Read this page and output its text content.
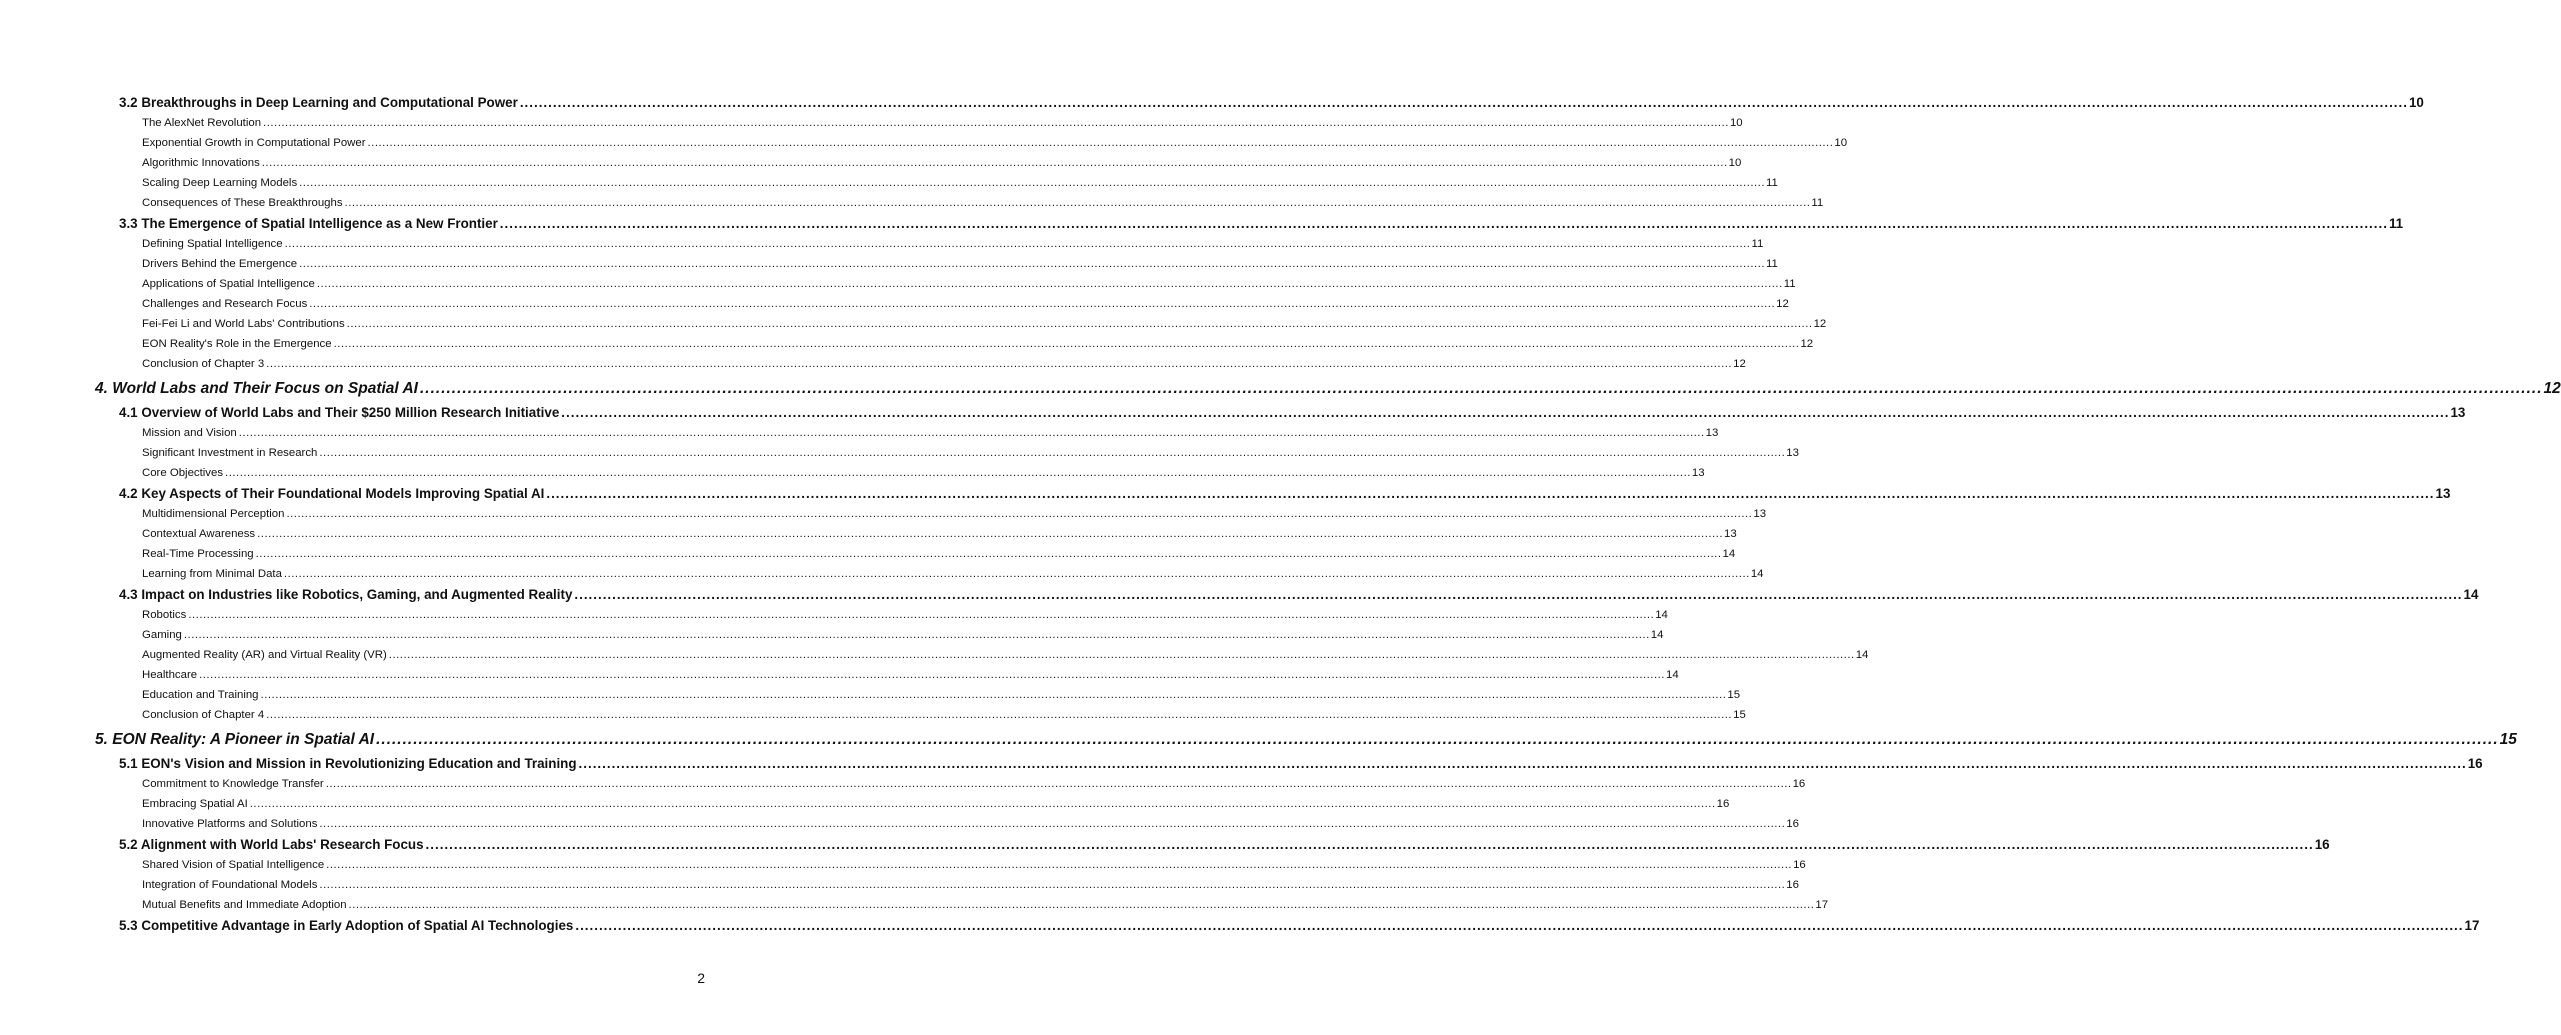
3.2 Breakthroughs in Deep Learning and Computational Power ................................................................................................................................................................................................................................................................................................................................................................................................................ 10
The AlexNet Revolution ................................................................................................................................................................................................................................................................................................................................................................................................................ 10
Exponential Growth in Computational Power ................................................................................................................................................................................................................................................................................................................................................................................................................ 10
Algorithmic Innovations ................................................................................................................................................................................................................................................................................................................................................................................................................ 10
Scaling Deep Learning Models ................................................................................................................................................................................................................................................................................................................................................................................................................ 11
Consequences of These Breakthroughs ................................................................................................................................................................................................................................................................................................................................................................................................................ 11
3.3 The Emergence of Spatial Intelligence as a New Frontier ................................................................................................................................................................................................................................................................................................................................................................................................................ 11
Defining Spatial Intelligence ................................................................................................................................................................................................................................................................................................................................................................................................................ 11
Drivers Behind the Emergence ................................................................................................................................................................................................................................................................................................................................................................................................................ 11
Applications of Spatial Intelligence ................................................................................................................................................................................................................................................................................................................................................................................................................ 11
Challenges and Research Focus ................................................................................................................................................................................................................................................................................................................................................................................................................ 12
Fei-Fei Li and World Labs' Contributions ................................................................................................................................................................................................................................................................................................................................................................................................................ 12
EON Reality's Role in the Emergence ................................................................................................................................................................................................................................................................................................................................................................................................................ 12
Conclusion of Chapter 3 ................................................................................................................................................................................................................................................................................................................................................................................................................ 12
4. World Labs and Their Focus on Spatial AI ................................................................................................................................................................................................................................................................................................................................................................................................................ 12
4.1 Overview of World Labs and Their $250 Million Research Initiative ................................................................................................................................................................................................................................................................................................................................................................................................................ 13
Mission and Vision ................................................................................................................................................................................................................................................................................................................................................................................................................ 13
Significant Investment in Research ................................................................................................................................................................................................................................................................................................................................................................................................................ 13
Core Objectives ................................................................................................................................................................................................................................................................................................................................................................................................................ 13
4.2 Key Aspects of Their Foundational Models Improving Spatial AI ................................................................................................................................................................................................................................................................................................................................................................................................................ 13
Multidimensional Perception ................................................................................................................................................................................................................................................................................................................................................................................................................ 13
Contextual Awareness ................................................................................................................................................................................................................................................................................................................................................................................................................ 13
Real-Time Processing ................................................................................................................................................................................................................................................................................................................................................................................................................ 14
Learning from Minimal Data ................................................................................................................................................................................................................................................................................................................................................................................................................ 14
4.3 Impact on Industries like Robotics, Gaming, and Augmented Reality ................................................................................................................................................................................................................................................................................................................................................................................................................ 14
Robotics ................................................................................................................................................................................................................................................................................................................................................................................................................ 14
Gaming ................................................................................................................................................................................................................................................................................................................................................................................................................ 14
Augmented Reality (AR) and Virtual Reality (VR) ................................................................................................................................................................................................................................................................................................................................................................................................................ 14
Healthcare ................................................................................................................................................................................................................................................................................................................................................................................................................ 14
Education and Training ................................................................................................................................................................................................................................................................................................................................................................................................................ 15
Conclusion of Chapter 4 ................................................................................................................................................................................................................................................................................................................................................................................................................ 15
5. EON Reality: A Pioneer in Spatial AI ................................................................................................................................................................................................................................................................................................................................................................................................................ 15
5.1 EON's Vision and Mission in Revolutionizing Education and Training ................................................................................................................................................................................................................................................................................................................................................................................................................ 16
Commitment to Knowledge Transfer ................................................................................................................................................................................................................................................................................................................................................................................................................ 16
Embracing Spatial AI ................................................................................................................................................................................................................................................................................................................................................................................................................ 16
Innovative Platforms and Solutions ................................................................................................................................................................................................................................................................................................................................................................................................................ 16
5.2 Alignment with World Labs' Research Focus ................................................................................................................................................................................................................................................................................................................................................................................................................ 16
Shared Vision of Spatial Intelligence ................................................................................................................................................................................................................................................................................................................................................................................................................ 16
Integration of Foundational Models ................................................................................................................................................................................................................................................................................................................................................................................................................ 16
Mutual Benefits and Immediate Adoption ................................................................................................................................................................................................................................................................................................................................................................................................................ 17
5.3 Competitive Advantage in Early Adoption of Spatial AI Technologies ................................................................................................................................................................................................................................................................................................................................................................................................................ 17
2
